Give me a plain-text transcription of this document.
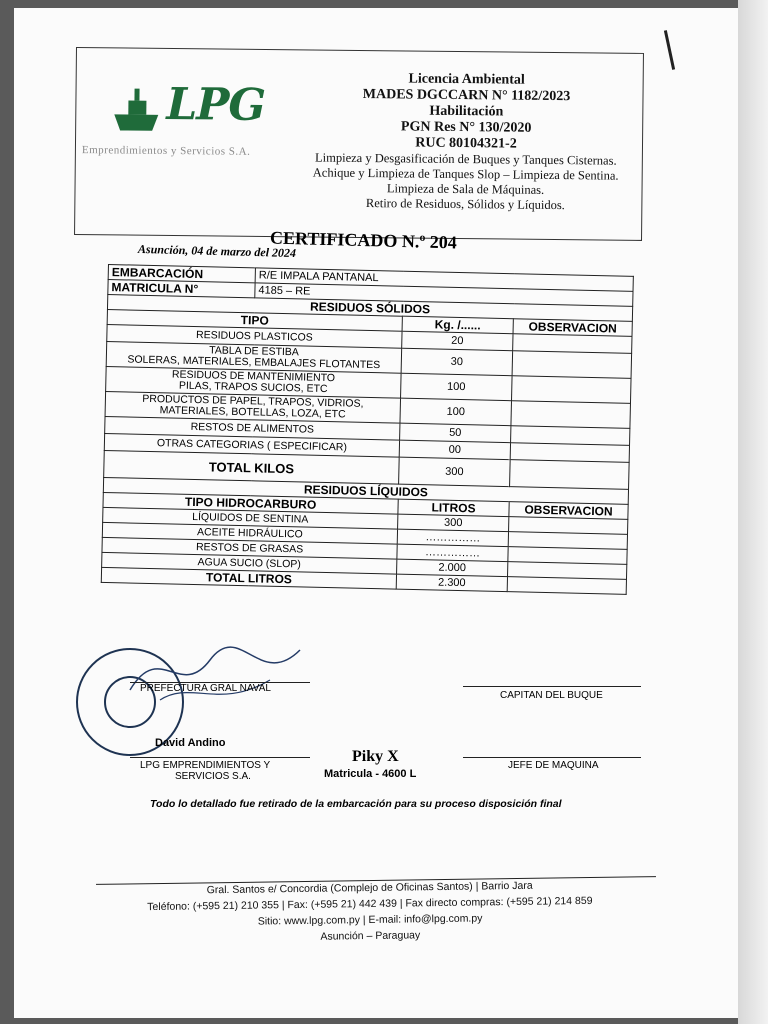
LPG
Emprendimientos y Servicios S.A.
Licencia Ambiental
MADES DGCCARN N° 1182/2023
Habilitación
PGN Res N° 130/2020
RUC 80104321-2
Limpieza y Desgasificación de Buques y Tanques Cisternas.
Achique y Limpieza de Tanques Slop – Limpieza de Sentina.
Limpieza de Sala de Máquinas.
Retiro de Residuos, Sólidos y Líquidos.
CERTIFICADO N.º 204
Asunción, 04 de marzo del 2024
EMBARCACIÓN	R/E IMPALA PANTANAL		
MATRICULA N°	4185 – RE		
RESIDUOS SÓLIDOS			
TIPO		Kg. /......	OBSERVACION
RESIDUOS PLASTICOS		20	
TABLA DE ESTIBA
SOLERAS, MATERIALES, EMBALAJES FLOTANTES		30	
RESIDUOS DE MANTENIMIENTO
PILAS, TRAPOS SUCIOS, ETC		100	
PRODUCTOS DE PAPEL, TRAPOS, VIDRIOS,
MATERIALES, BOTELLAS, LOZA, ETC		100	
RESTOS DE ALIMENTOS		50	
OTRAS CATEGORIAS ( ESPECIFICAR)		00	
TOTAL KILOS		300	
RESIDUOS LÍQUIDOS			
TIPO HIDROCARBURO		LITROS	OBSERVACION
LÍQUIDOS DE SENTINA		300	
ACEITE HIDRÁULICO		……………	
RESTOS DE GRASAS		……………	
AGUA SUCIO (SLOP)		2.000	
TOTAL LITROS		2.300	
PREFECTURA GRAL NAVAL
CAPITAN DEL BUQUE
David Andino
LPG EMPRENDIMIENTOS Y
SERVICIOS S.A.
Piky X
Matricula - 4600 L
JEFE DE MAQUINA
Todo lo detallado fue retirado de la embarcación para su proceso disposición final
Gral. Santos e/ Concordia (Complejo de Oficinas Santos) | Barrio Jara
Teléfono: (+595 21) 210 355 | Fax: (+595 21) 442 439 | Fax directo compras: (+595 21) 214 859
Sitio: www.lpg.com.py | E-mail: info@lpg.com.py
Asunción – Paraguay
